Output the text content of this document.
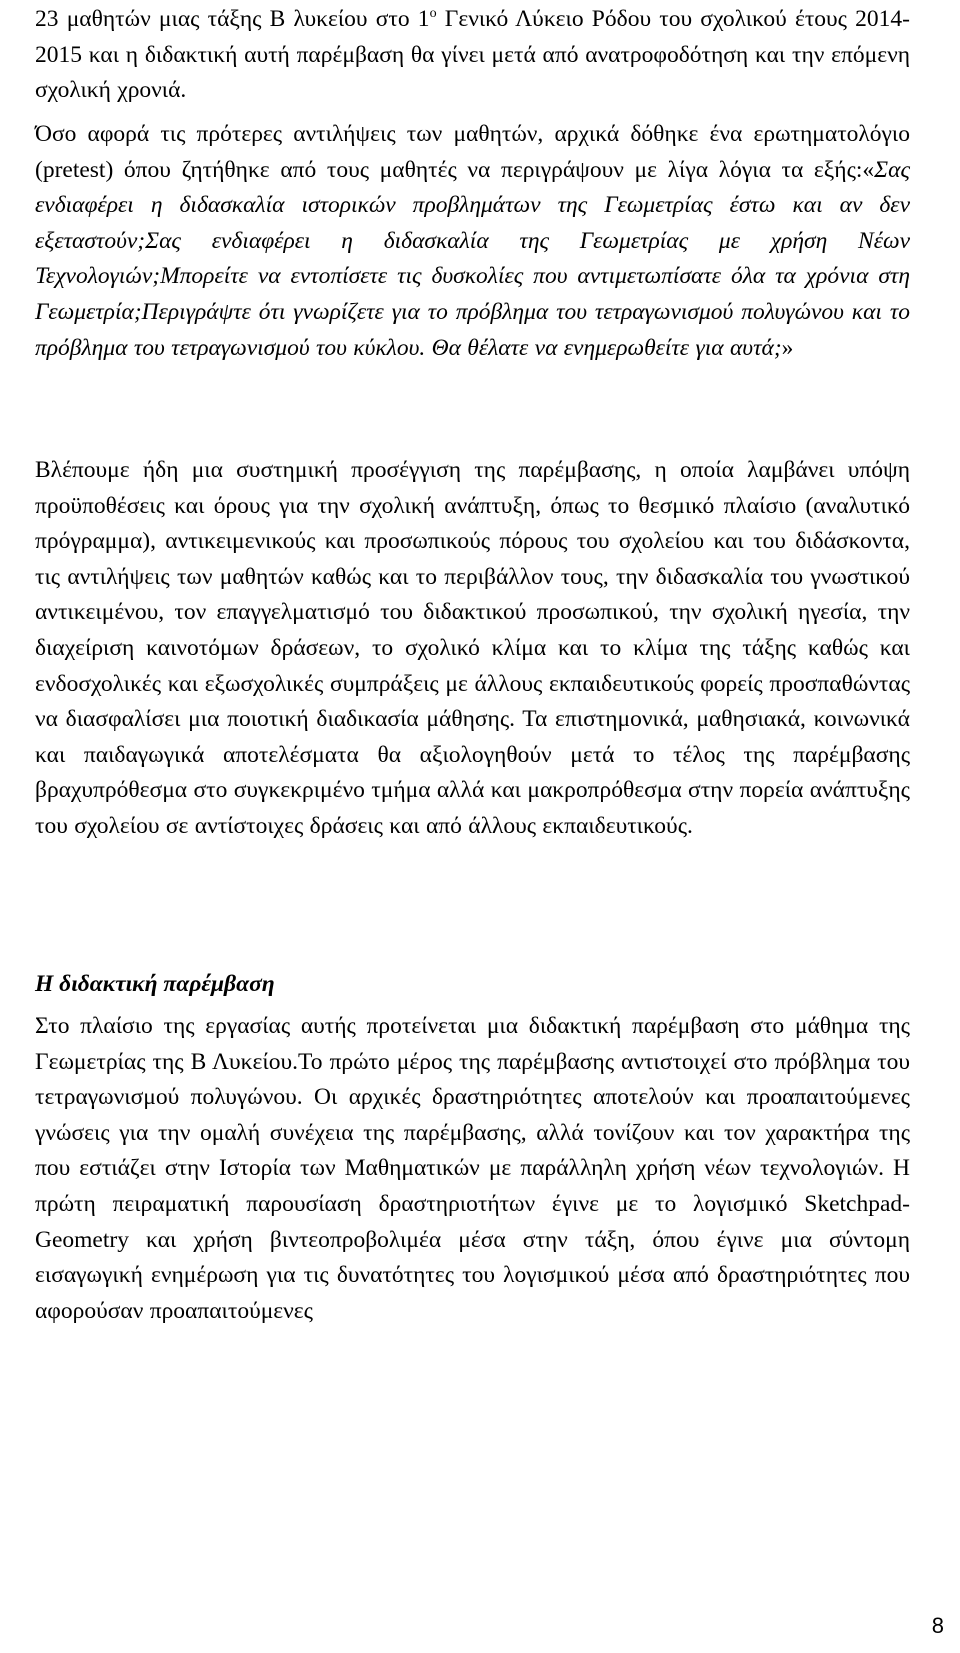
23 μαθητών μιας τάξης Β λυκείου στο $1^o$ Γενικό Λύκειο Ρόδου του σχολικού έτους 2014-2015 και η διδακτική αυτή παρέμβαση θα γίνει μετά από ανατροφοδότηση και την επόμενη σχολική χρονιά.

Όσο αφορά τις πρότερες αντιλήψεις των μαθητών, αρχικά δόθηκε ένα ερωτηματολόγιο (pretest) όπου ζητήθηκε από τους μαθητές να περιγράψουν με λίγα λόγια τα εξής:«Σας ενδιαφέρει η διδασκαλία ιστορικών προβλημάτων της Γεωμετρίας έστω και αν δεν εξεταστούν;Σας ενδιαφέρει η διδασκαλία της Γεωμετρίας με χρήση Νέων Τεχνολογιών;Μπορείτε να εντοπίσετε τις δυσκολίες που αντιμετωπίσατε όλα τα χρόνια στη Γεωμετρία;Περιγράψτε ότι γνωρίζετε για το πρόβλημα του τετραγωνισμού πολυγώνου και το πρόβλημα του τετραγωνισμού του κύκλου. Θα θέλατε να ενημερωθείτε για αυτά;»

Βλέπουμε ήδη μια συστημική προσέγγιση της παρέμβασης, η οποία λαμβάνει υπόψη προϋποθέσεις και όρους για την σχολική ανάπτυξη, όπως το θεσμικό πλαίσιο (αναλυτικό πρόγραμμα), αντικειμενικούς και προσωπικούς πόρους του σχολείου και του διδάσκοντα, τις αντιλήψεις των μαθητών καθώς και το περιβάλλον τους, την διδασκαλία του γνωστικού αντικειμένου, τον επαγγελματισμό του διδακτικού προσωπικού, την σχολική ηγεσία, την διαχείριση καινοτόμων δράσεων, το σχολικό κλίμα και το κλίμα της τάξης καθώς και ενδοσχολικές και εξωσχολικές συμπράξεις με άλλους εκπαιδευτικούς φορείς προσπαθώντας να διασφαλίσει μια ποιοτική διαδικασία μάθησης. Τα επιστημονικά, μαθησιακά, κοινωνικά και παιδαγωγικά αποτελέσματα θα αξιολογηθούν μετά το τέλος της παρέμβασης βραχυπρόθεσμα στο συγκεκριμένο τμήμα αλλά και μακροπρόθεσμα στην πορεία ανάπτυξης του σχολείου σε αντίστοιχες δράσεις και από άλλους εκπαιδευτικούς.

Η διδακτική παρέμβαση

Στο πλαίσιο της εργασίας αυτής προτείνεται μια διδακτική παρέμβαση στο μάθημα της Γεωμετρίας της Β Λυκείου.Το πρώτο μέρος της παρέμβασης αντιστοιχεί στο πρόβλημα του τετραγωνισμού πολυγώνου. Οι αρχικές δραστηριότητες αποτελούν και προαπαιτούμενες γνώσεις για την ομαλή συνέχεια της παρέμβασης, αλλά τονίζουν και τον χαρακτήρα της που εστιάζει στην Ιστορία των Μαθηματικών με παράλληλη χρήση νέων τεχνολογιών. Η πρώτη πειραματική παρουσίαση δραστηριοτήτων έγινε με το λογισμικό Sketchpad-Geometry και χρήση βιντεοπροβολιμέα μέσα στην τάξη, όπου έγινε μια σύντομη εισαγωγική ενημέρωση για τις δυνατότητες του λογισμικού μέσα από δραστηριότητες που αφορούσαν προαπαιτούμενες

8
